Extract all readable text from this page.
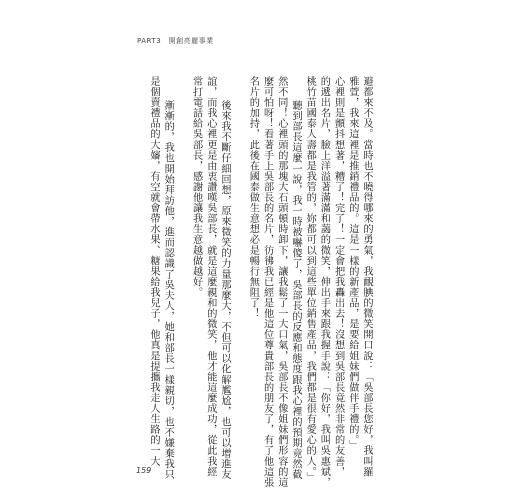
PART3　開創亮麗事業
避都來不及。當時也不曉得哪來的勇氣，我靦腆的微笑開口說：「吳部長您好，我叫羅
雅萱，我來這裡是推銷禮品的。這是一樣的新產品，是要給姐妹們做伴手禮的。」
心裡則是顫抖想著，糟了！完了！一定會把我轟出去！沒想到吳部長竟然非常的友善，
的遞出名片，臉上洋溢著滿滿和藹的微笑，伸出手來跟我握手說：「你好，我叫吳惠斌，
桃竹苗國泰人壽都是我管的，妳都可以到這些單位銷售產品，我們都是很有愛心的人。」
聽到部長這麼一說，我一時被嚇傻了，吳部長的反應和態度跟我心裡的預期竟然截
然不同！心裡頭的那塊大石頭頓時卸下，讓我鬆了一大口氣，吳部長不像姐妹們形容的這
麼可怕呀！看著手上吳部長的名片，彷彿我已經是他這位尊貴部長的朋友了，有了他這張
名片的加持，此後在國泰做生意想必是暢行無阻了！
後來我不斷仔細回想，原來微笑的力量那麼大，不但可以化解尷尬，也可以增進友
誼，而我心裡更是由衷讚嘆吳部長，就是這麼親和的微笑，他才能這麼成功，從此我經
常打電話給吳部長，感謝他讓我生意越做越好。
漸漸的，我也開始拜訪他，進而認識了吳夫人，她和部長一樣親切，也不嫌棄我只
是個賣禮品的大嬸，有空就會帶水果、糖果給我兒子，他真是提攜我走人生路的一大
159
